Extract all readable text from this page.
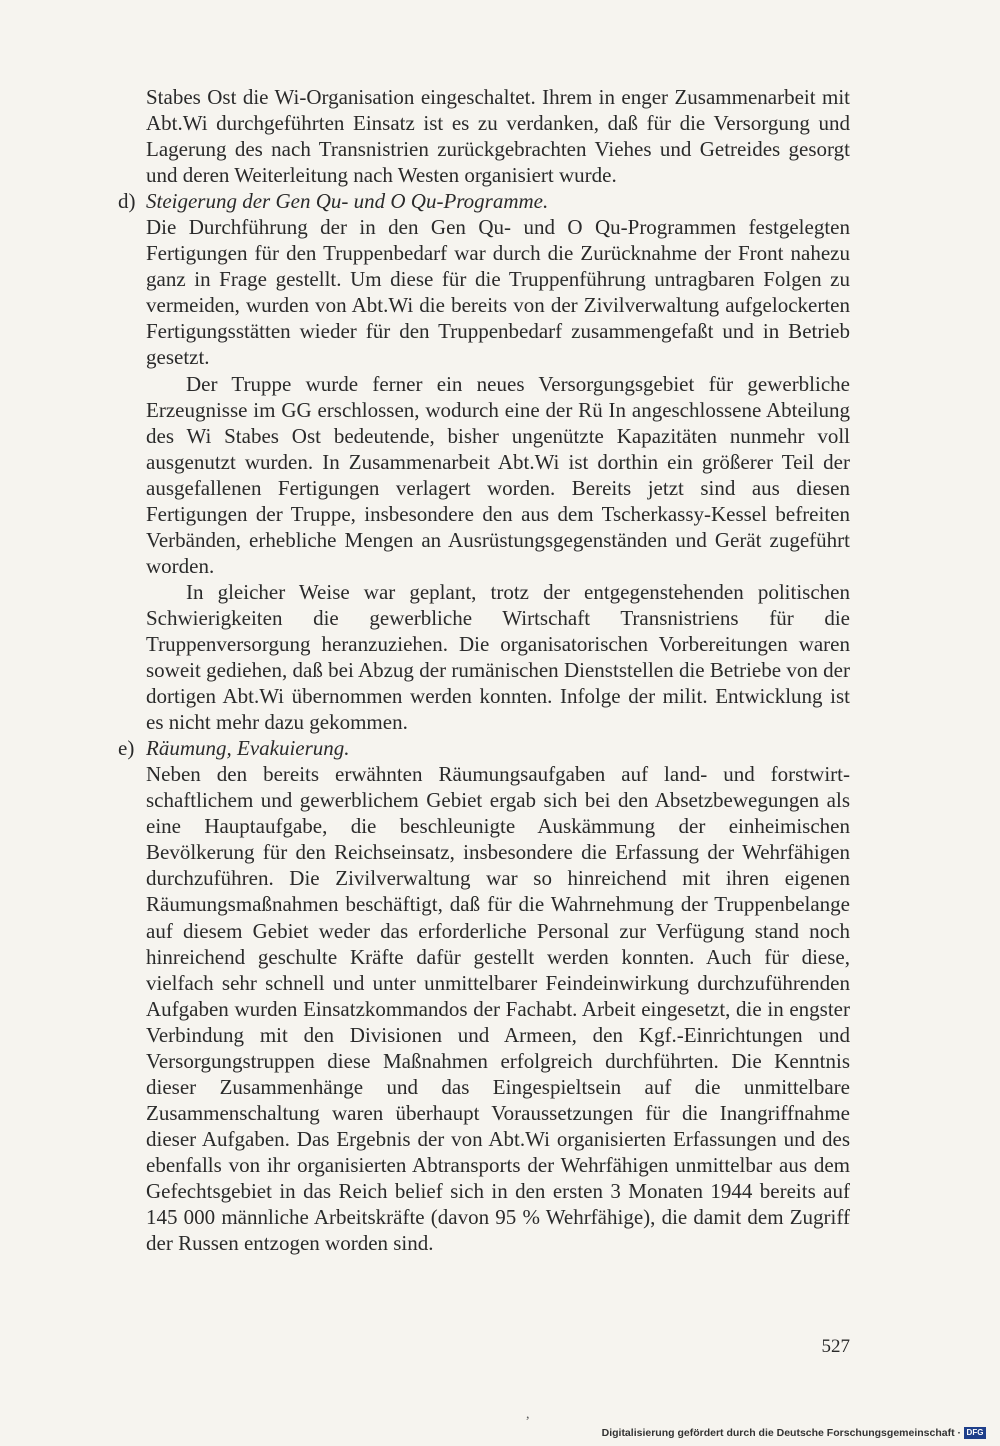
Stabes Ost die Wi-Organisation eingeschaltet. Ihrem in enger Zusammenarbeit mit Abt.Wi durchgeführten Einsatz ist es zu verdanken, daß für die Versorgung und Lagerung des nach Transnistrien zurückgebrachten Viehes und Getreides gesorgt und deren Weiterleitung nach Westen organisiert wurde.

d) Steigerung der Gen Qu- und O Qu-Programme.

Die Durchführung der in den Gen Qu- und O Qu-Programmen festgelegten Fertigungen für den Truppenbedarf war durch die Zurücknahme der Front nahezu ganz in Frage gestellt. Um diese für die Truppenführung untragbaren Folgen zu vermeiden, wurden von Abt.Wi die bereits von der Zivilverwaltung aufgelockerten Fertigungsstätten wieder für den Truppenbedarf zusammengefaßt und in Betrieb gesetzt.

Der Truppe wurde ferner ein neues Versorgungsgebiet für gewerbliche Erzeugnisse im GG erschlossen, wodurch eine der Rü In angeschlossene Abteilung des Wi Stabes Ost bedeutende, bisher ungenützte Kapazitäten nunmehr voll ausgenutzt wurden. In Zusammenarbeit Abt.Wi ist dorthin ein größerer Teil der ausgefallenen Fertigungen verlagert worden. Bereits jetzt sind aus diesen Fertigungen der Truppe, insbesondere den aus dem Tscherkassy-Kessel befreiten Verbänden, erhebliche Mengen an Ausrüstungsgegenständen und Gerät zugeführt worden.

In gleicher Weise war geplant, trotz der entgegenstehenden politischen Schwierigkeiten die gewerbliche Wirtschaft Transnistriens für die Truppenversorgung heranzuziehen. Die organisatorischen Vorbereitungen waren soweit gediehen, daß bei Abzug der rumänischen Dienststellen die Betriebe von der dortigen Abt.Wi übernommen werden konnten. Infolge der milit. Entwicklung ist es nicht mehr dazu gekommen.

e) Räumung, Evakuierung.

Neben den bereits erwähnten Räumungsaufgaben auf land- und forstwirtschaftlichem und gewerblichem Gebiet ergab sich bei den Absetzbewegungen als eine Hauptaufgabe, die beschleunigte Auskämmung der einheimischen Bevölkerung für den Reichseinsatz, insbesondere die Erfassung der Wehrfähigen durchzuführen. Die Zivilverwaltung war so hinreichend mit ihren eigenen Räumungsmaßnahmen beschäftigt, daß für die Wahrnehmung der Truppenbelange auf diesem Gebiet weder das erforderliche Personal zur Verfügung stand noch hinreichend geschulte Kräfte dafür gestellt werden konnten. Auch für diese, vielfach sehr schnell und unter unmittelbarer Feindeinwirkung durchzuführenden Aufgaben wurden Einsatzkommandos der Fachabt. Arbeit eingesetzt, die in engster Verbindung mit den Divisionen und Armeen, den Kgf.-Einrichtungen und Versorgungstruppen diese Maßnahmen erfolgreich durchführten. Die Kenntnis dieser Zusammenhänge und das Eingespieltsein auf die unmittelbare Zusammenschaltung waren überhaupt Voraussetzungen für die Inangriffnahme dieser Aufgaben. Das Ergebnis der von Abt.Wi organisierten Erfassungen und des ebenfalls von ihr organisierten Abtransports der Wehrfähigen unmittelbar aus dem Gefechtsgebiet in das Reich belief sich in den ersten 3 Monaten 1944 bereits auf 145 000 männliche Arbeitskräfte (davon 95 % Wehrfähige), die damit dem Zugriff der Russen entzogen worden sind.

527
,
Digitalisierung gefördert durch die Deutsche Forschungsgemeinschaft · DFG
